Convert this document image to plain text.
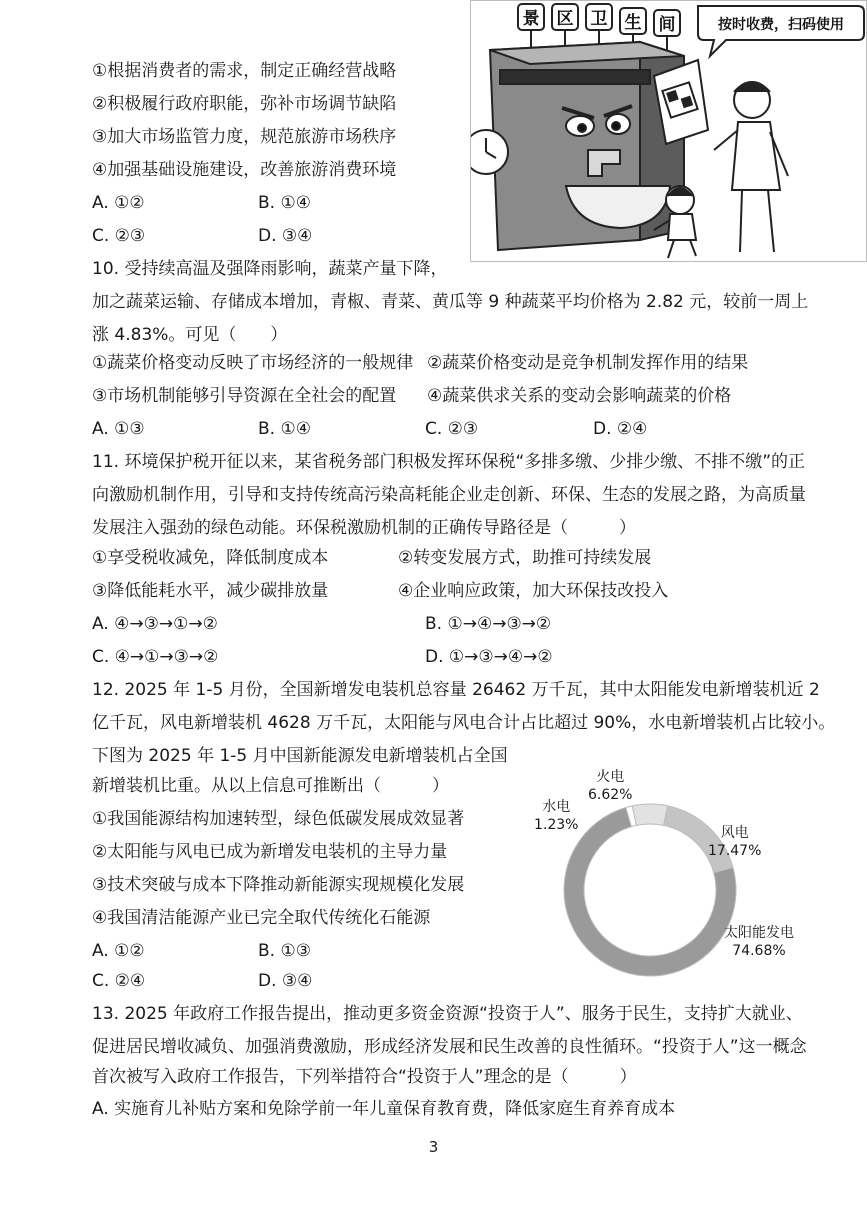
①根据消费者的需求，制定正确经营战略
②积极履行政府职能，弥补市场调节缺陷
③加大市场监管力度，规范旅游市场秩序
④加强基础设施建设，改善旅游消费环境
A. ①②	B. ①④
C. ②③	D. ③④
景 区 卫 生 间	按时收费，扫码使用
10. 受持续高温及强降雨影响，蔬菜产量下降，
加之蔬菜运输、存储成本增加，青椒、青菜、黄瓜等 9 种蔬菜平均价格为 2.82 元，较前一周上
涨 4.83%。可见（　　）
①蔬菜价格变动反映了市场经济的一般规律 ②蔬菜价格变动是竞争机制发挥作用的结果
③市场机制能够引导资源在全社会的配置 ④蔬菜供求关系的变动会影响蔬菜的价格
A. ①③	B. ①④	C. ②③	D. ②④
11. 环境保护税开征以来，某省税务部门积极发挥环保税“多排多缴、少排少缴、不排不缴”的正
向激励机制作用，引导和支持传统高污染高耗能企业走创新、环保、生态的发展之路，为高质量
发展注入强劲的绿色动能。环保税激励机制的正确传导路径是（　　　）
①享受税收减免，降低制度成本	②转变发展方式，助推可持续发展
③降低能耗水平，减少碳排放量	④企业响应政策，加大环保技改投入
A. ④→③→①→②	B. ①→④→③→②
C. ④→①→③→②	D. ①→③→④→②
12. 2025 年 1-5 月份，全国新增发电装机总容量 26462 万千瓦，其中太阳能发电新增装机近 2
亿千瓦，风电新增装机 4628 万千瓦，太阳能与风电合计占比超过 90%，水电新增装机占比较小。
下图为 2025 年 1-5 月中国新能源发电新增装机占全国
新增装机比重。从以上信息可推断出（　　　）
①我国能源结构加速转型，绿色低碳发展成效显著
②太阳能与风电已成为新增发电装机的主导力量
③技术突破与成本下降推动新能源实现规模化发展
④我国清洁能源产业已完全取代传统化石能源
A. ①②	B. ①③
C. ②④	D. ③④
火电
6.62%
水电
1.23%	风电
17.47%
太阳能发电
74.68%
13. 2025 年政府工作报告提出，推动更多资金资源“投资于人”、服务于民生，支持扩大就业、
促进居民增收减负、加强消费激励，形成经济发展和民生改善的良性循环。“投资于人”这一概念
首次被写入政府工作报告，下列举措符合“投资于人”理念的是（　　　）
A. 实施育儿补贴方案和免除学前一年儿童保育教育费，降低家庭生育养育成本
3
